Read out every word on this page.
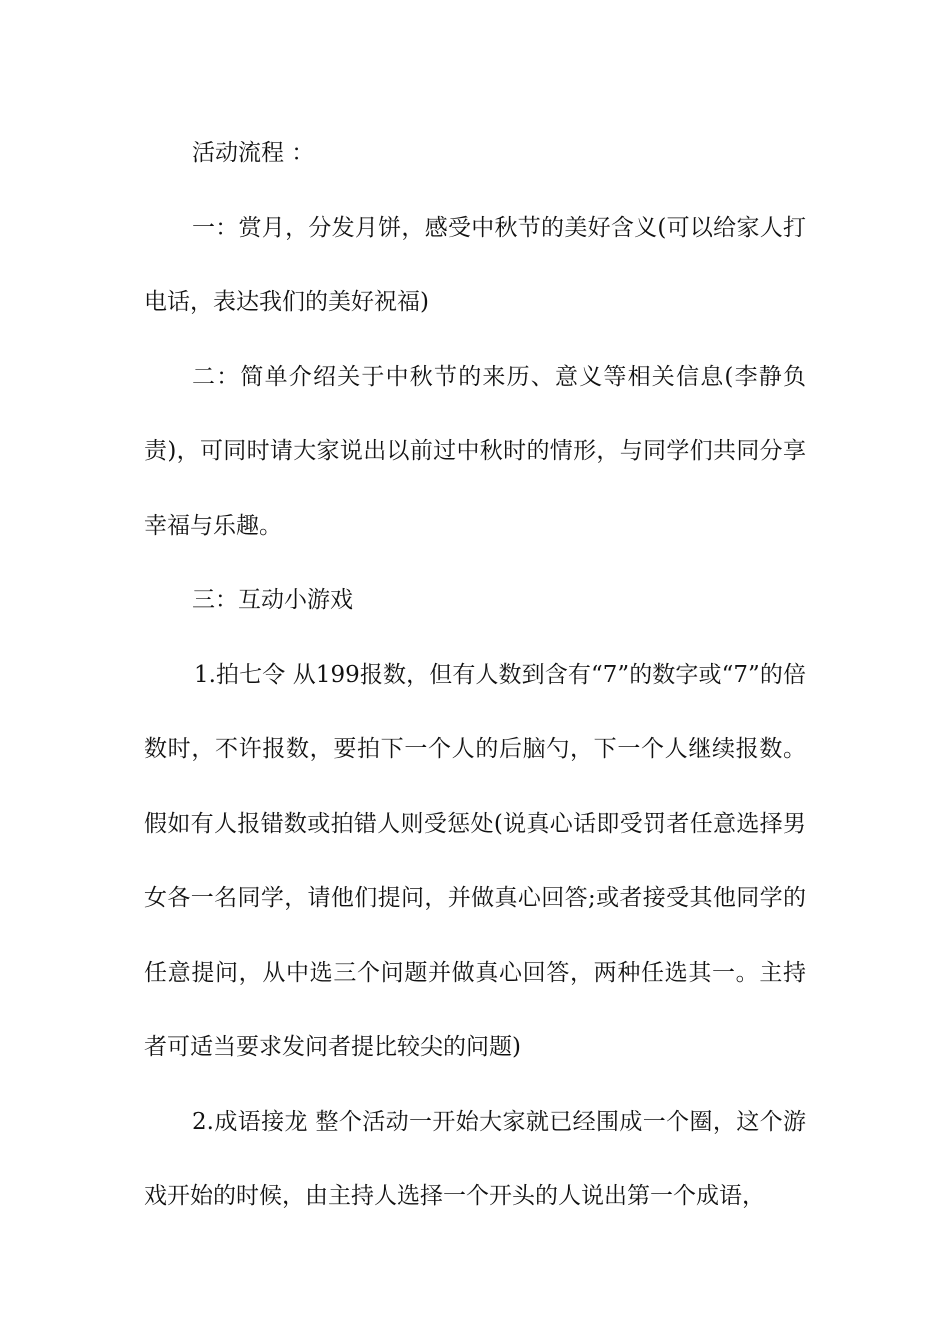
活动流程 ：

一：赏月，分发月饼，感受中秋节的美好含义(可以给家人打电话，表达我们的美好祝福)

二：简单介绍关于中秋节的来历、意义等相关信息(李静负责)，可同时请大家说出以前过中秋时的情形，与同学们共同分享幸福与乐趣。

三：互动小游戏

1.拍七令 从199报数，但有人数到含有“7”的数字或“7”的倍数时，不许报数，要拍下一个人的后脑勺，下一个人继续报数。假如有人报错数或拍错人则受惩处(说真心话即受罚者任意选择男女各一名同学，请他们提问，并做真心回答;或者接受其他同学的任意提问，从中选三个问题并做真心回答，两种任选其一。主持者可适当要求发问者提比较尖的问题)

2.成语接龙 整个活动一开始大家就已经围成一个圈，这个游戏开始的时候，由主持人选择一个开头的人说出第一个成语，
